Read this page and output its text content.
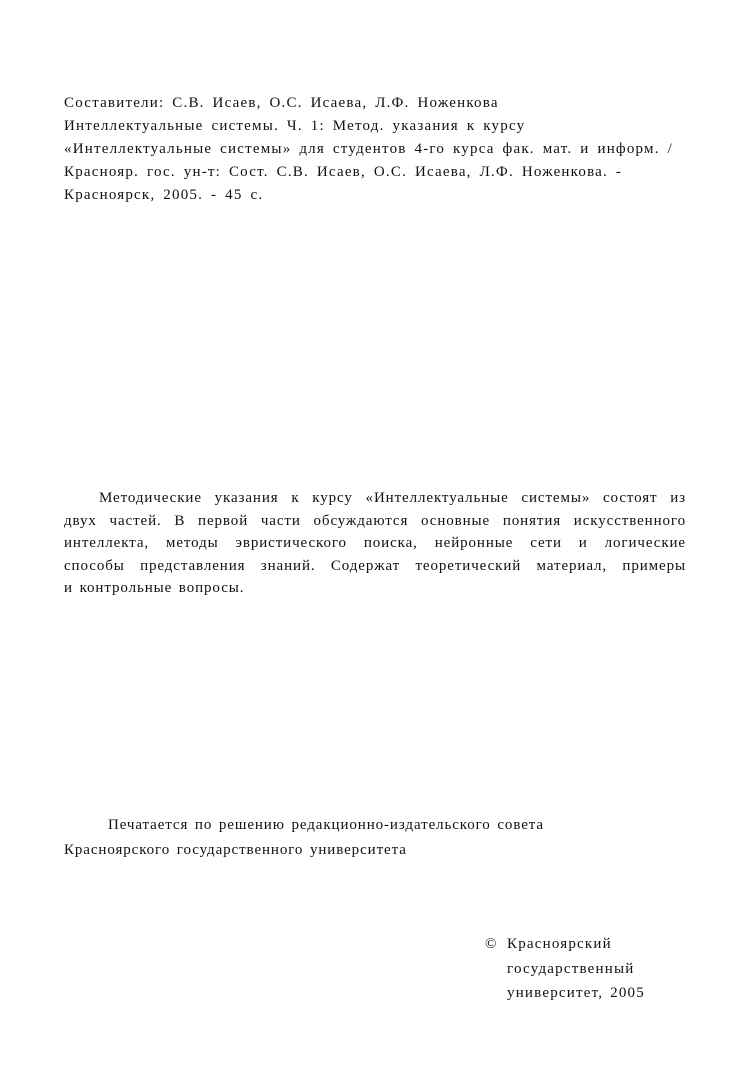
Составители: С.В. Исаев, О.С. Исаева, Л.Ф. Ноженкова
Интеллектуальные системы. Ч. 1: Метод. указания к курсу
«Интеллектуальные системы» для студентов 4-го курса фак. мат. и информ. /
Краснояр. гос. ун-т: Сост. С.В. Исаев, О.С. Исаева, Л.Ф. Ноженкова. -
Красноярск, 2005. - 45 с.
Методические указания к курсу «Интеллектуальные системы» состоят из
двух частей. В первой части обсуждаются основные понятия искусственного
интеллекта, методы эвристического поиска, нейронные сети и логические
способы представления знаний. Содержат теоретический материал, примеры
и контрольные вопросы.
Печатается по решению редакционно-издательского совета
Красноярского государственного университета
© Красноярский
государственный
университет, 2005
